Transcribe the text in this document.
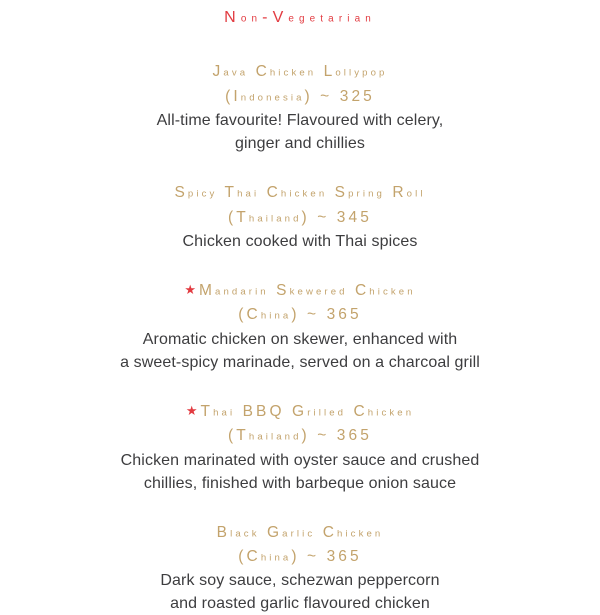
Non-Vegetarian
Java Chicken Lollypop
(Indonesia) ~ 325
All-time favourite! Flavoured with celery,
ginger and chillies
Spicy Thai Chicken Spring Roll
(Thailand) ~ 345
Chicken cooked with Thai spices
★ Mandarin Skewered Chicken
(China) ~ 365
Aromatic chicken on skewer, enhanced with
a sweet-spicy marinade, served on a charcoal grill
★ Thai BBQ Grilled Chicken
(Thailand) ~ 365
Chicken marinated with oyster sauce and crushed
chillies, finished with barbeque onion sauce
Black Garlic Chicken
(China) ~ 365
Dark soy sauce, schezwan peppercorn
and roasted garlic flavoured chicken
